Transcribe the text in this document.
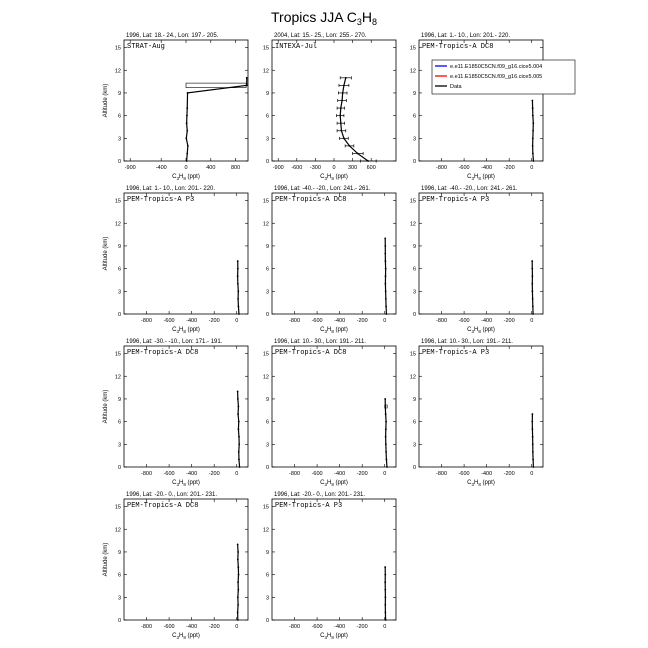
Tropics JJA $C_3H_8$
1996, Lat: 18.- 24., Lon: 197.- 205.
STRAT-Aug
0
3
6
9
12
15
-900	-400	0	400	800
$C_3H_8$ (ppt)
Altitude (km)
2004, Lat: 15.- 25., Lon: 255.- 270.
INTEXA-Jul
0
3
6
9
12
15
-900 -600 -300 0 300 600
$C_3H_8$ (ppt)
1996, Lat: 1.- 10., Lon: 201.- 220.
PEM-Tropics-A DC8
0
3
6
9
12
15
-800 -600 -400 -200	0
$C_3H_8$ (ppt)
e.e11.E1850C5CN.f09_g16.cice5.004
e.e11.E1850C5CN.f09_g16.cice5.005
Data
1996, Lat: 1.- 10., Lon: 201.- 220.
PEM-Tropics-A P3
0
3
6
9
12
15
-800 -600 -400 -200	0
$C_3H_8$ (ppt)
Altitude (km)
1996, Lat: -40.- -20., Lon: 241.- 261.
PEM-Tropics-A DC8
0
3
6
9
12
15
-800 -600 -400 -200	0
$C_3H_8$ (ppt)
1996, Lat: -40.- -20., Lon: 241.- 261.
PEM-Tropics-A P3
0
3
6
9
12
15
-800 -600 -400 -200	0
$C_3H_8$ (ppt)
1996, Lat: -30.- -10., Lon: 171.- 191.
PEM-Tropics-A DC8
0
3
6
9
12
15
-800 -600 -400 -200	0
$C_3H_8$ (ppt)
Altitude (km)
1996, Lat: 10.- 30., Lon: 191.- 211.
PEM-Tropics-A DC8
0
3
6
9
12
15
-800 -600 -400 -200	0
$C_3H_8$ (ppt)
1996, Lat: 10.- 30., Lon: 191.- 211.
PEM-Tropics-A P3
0
3
6
9
12
15
-800 -600 -400 -200	0
$C_3H_8$ (ppt)
1996, Lat: -20.- 0., Lon: 201.- 231.
PEM-Tropics-A DC8
0
3
6
9
12
15
-800 -600 -400 -200	0
$C_3H_8$ (ppt)
Altitude (km)
1996, Lat: -20.- 0., Lon: 201.- 231.
PEM-Tropics-A P3
0
3
6
9
12
15
-800 -600 -400 -200	0
$C_3H_8$ (ppt)
